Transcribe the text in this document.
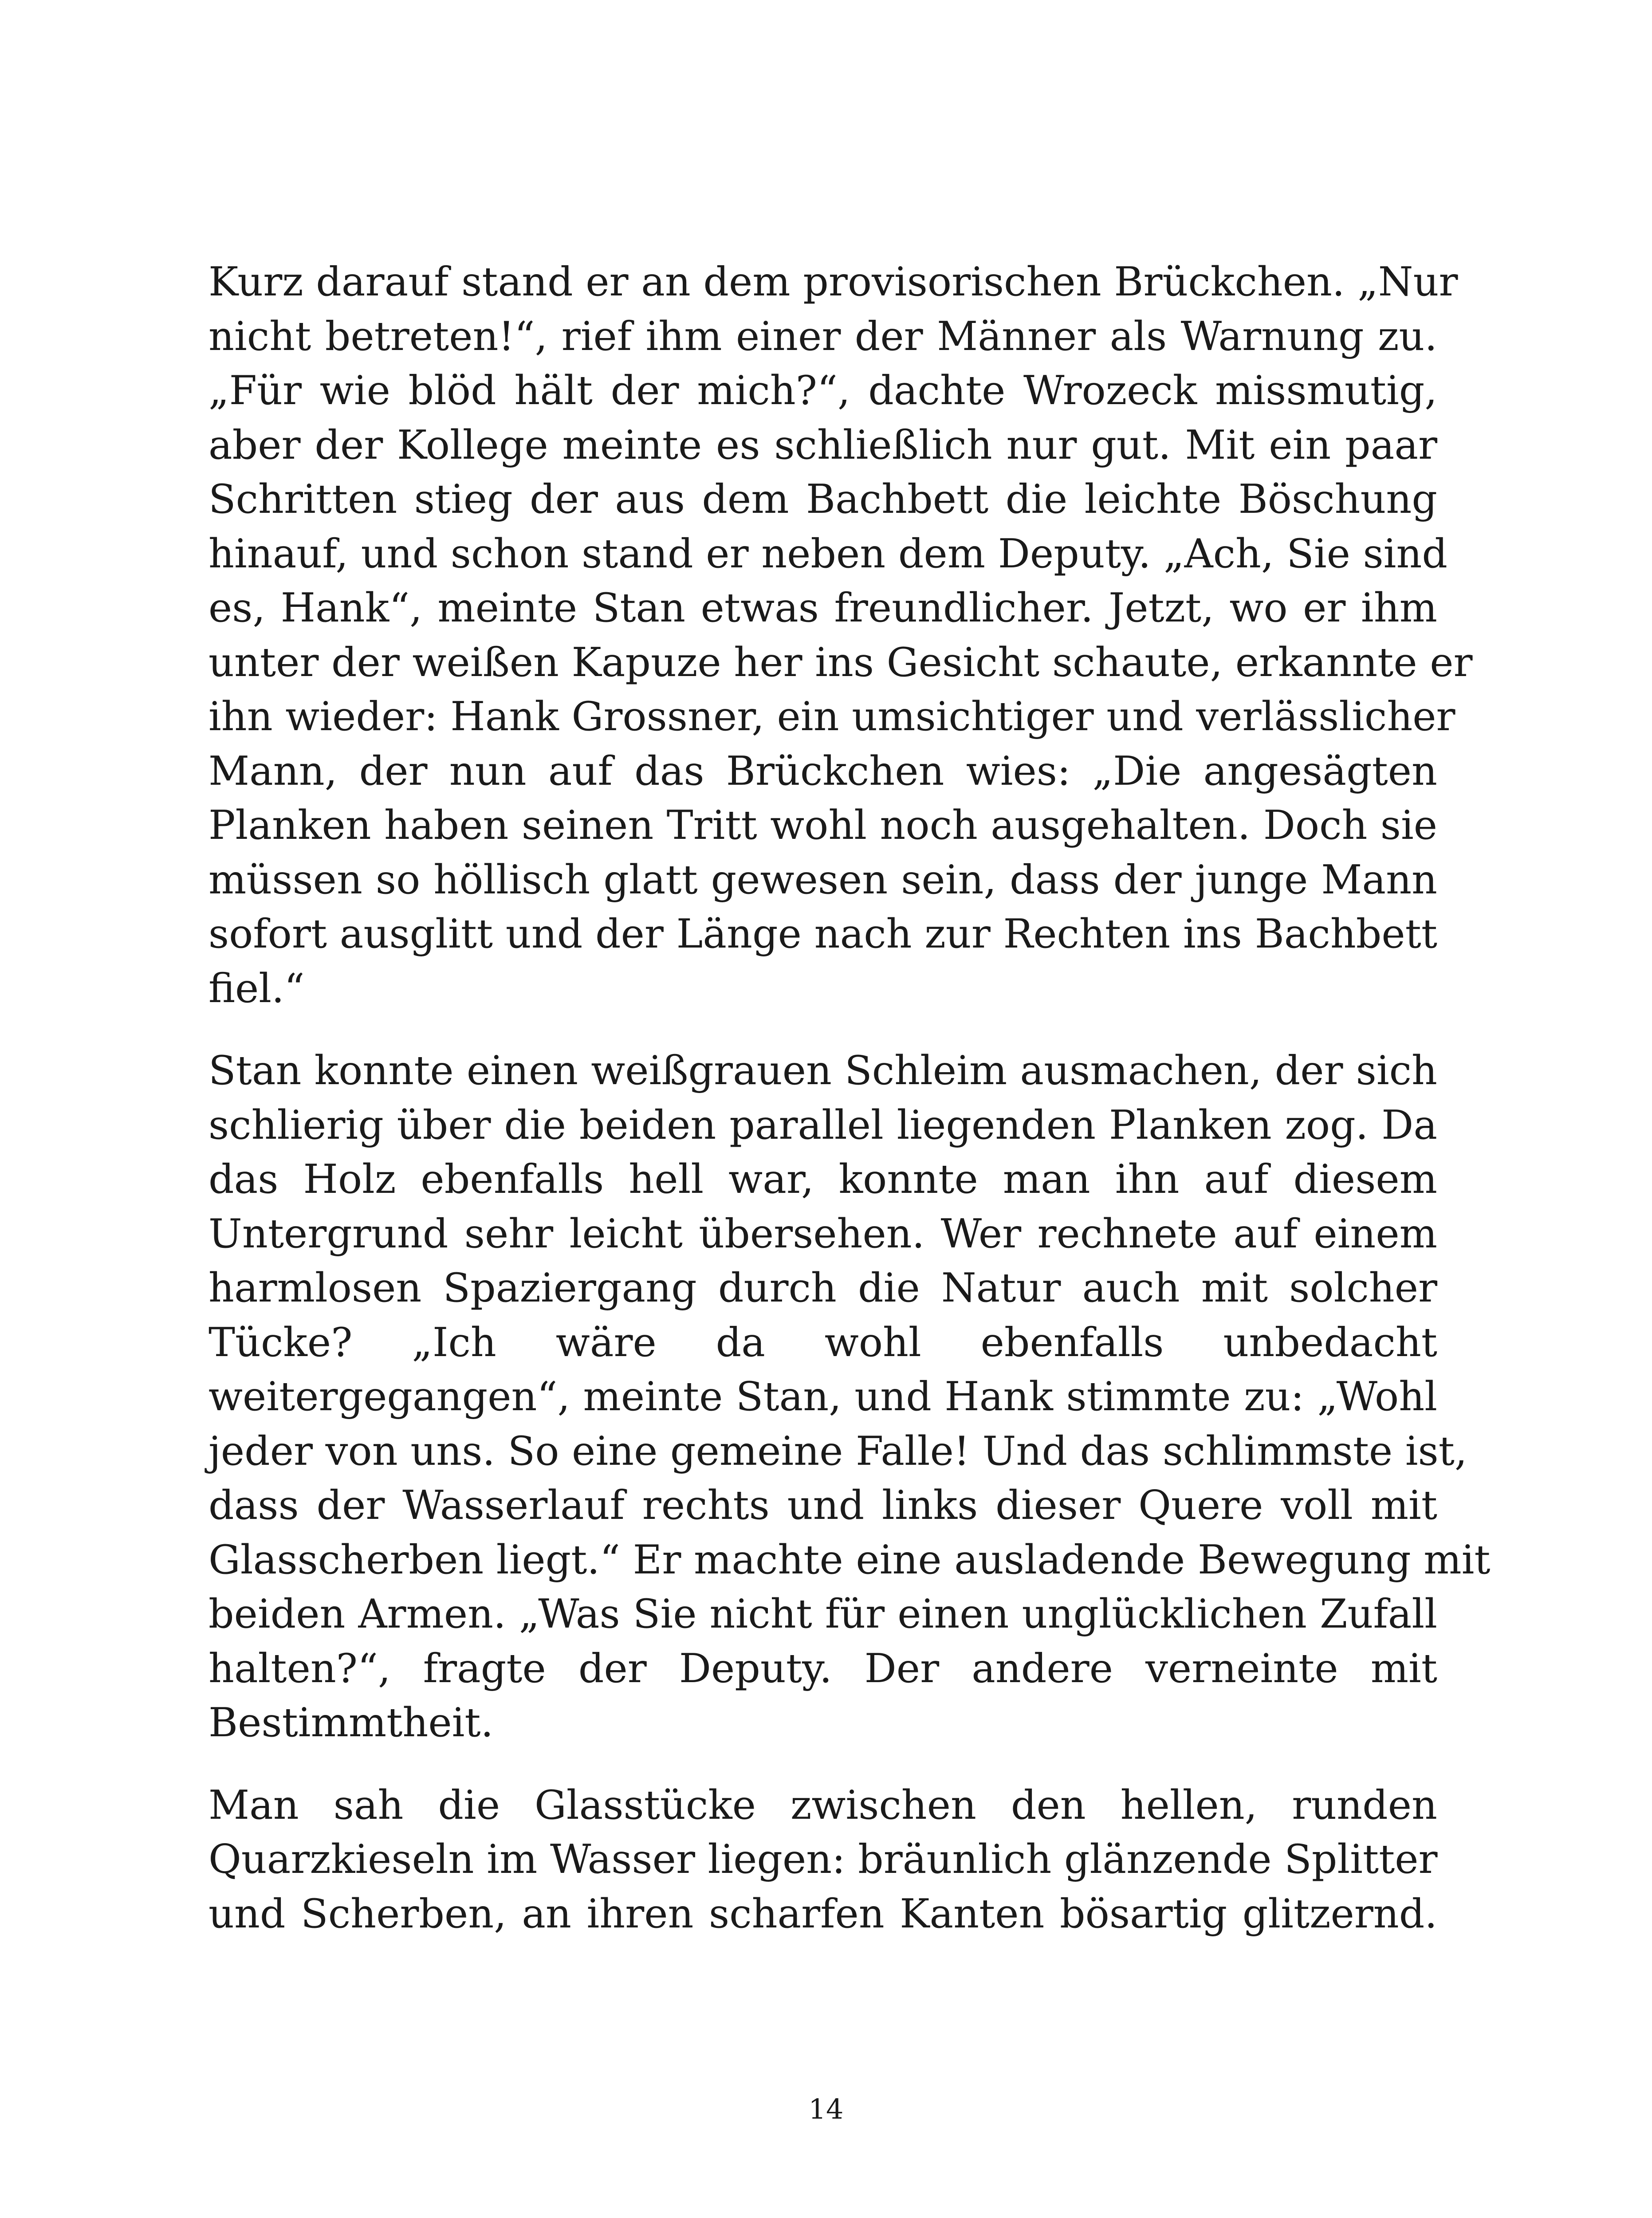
Kurz darauf stand er an dem provisorischen Brückchen. „Nur
nicht betreten!“, rief ihm einer der Männer als Warnung zu.
„Für wie blöd hält der mich?“, dachte Wrozeck missmutig,
aber der Kollege meinte es schließlich nur gut. Mit ein paar
Schritten stieg der aus dem Bachbett die leichte Böschung
hinauf, und schon stand er neben dem Deputy. „Ach, Sie sind
es, Hank“, meinte Stan etwas freundlicher. Jetzt, wo er ihm
unter der weißen Kapuze her ins Gesicht schaute, erkannte er
ihn wieder: Hank Grossner, ein umsichtiger und verlässlicher
Mann, der nun auf das Brückchen wies: „Die angesägten
Planken haben seinen Tritt wohl noch ausgehalten. Doch sie
müssen so höllisch glatt gewesen sein, dass der junge Mann
sofort ausglitt und der Länge nach zur Rechten ins Bachbett
fiel.“

Stan konnte einen weißgrauen Schleim ausmachen, der sich
schlierig über die beiden parallel liegenden Planken zog. Da
das Holz ebenfalls hell war, konnte man ihn auf diesem
Untergrund sehr leicht übersehen. Wer rechnete auf einem
harmlosen Spaziergang durch die Natur auch mit solcher
Tücke? „Ich wäre da wohl ebenfalls unbedacht
weitergegangen“, meinte Stan, und Hank stimmte zu: „Wohl
jeder von uns. So eine gemeine Falle! Und das schlimmste ist,
dass der Wasserlauf rechts und links dieser Quere voll mit
Glasscherben liegt.“ Er machte eine ausladende Bewegung mit
beiden Armen. „Was Sie nicht für einen unglücklichen Zufall
halten?“, fragte der Deputy. Der andere verneinte mit
Bestimmtheit.

Man sah die Glasstücke zwischen den hellen, runden
Quarzkieseln im Wasser liegen: bräunlich glänzende Splitter
und Scherben, an ihren scharfen Kanten bösartig glitzernd.

14
